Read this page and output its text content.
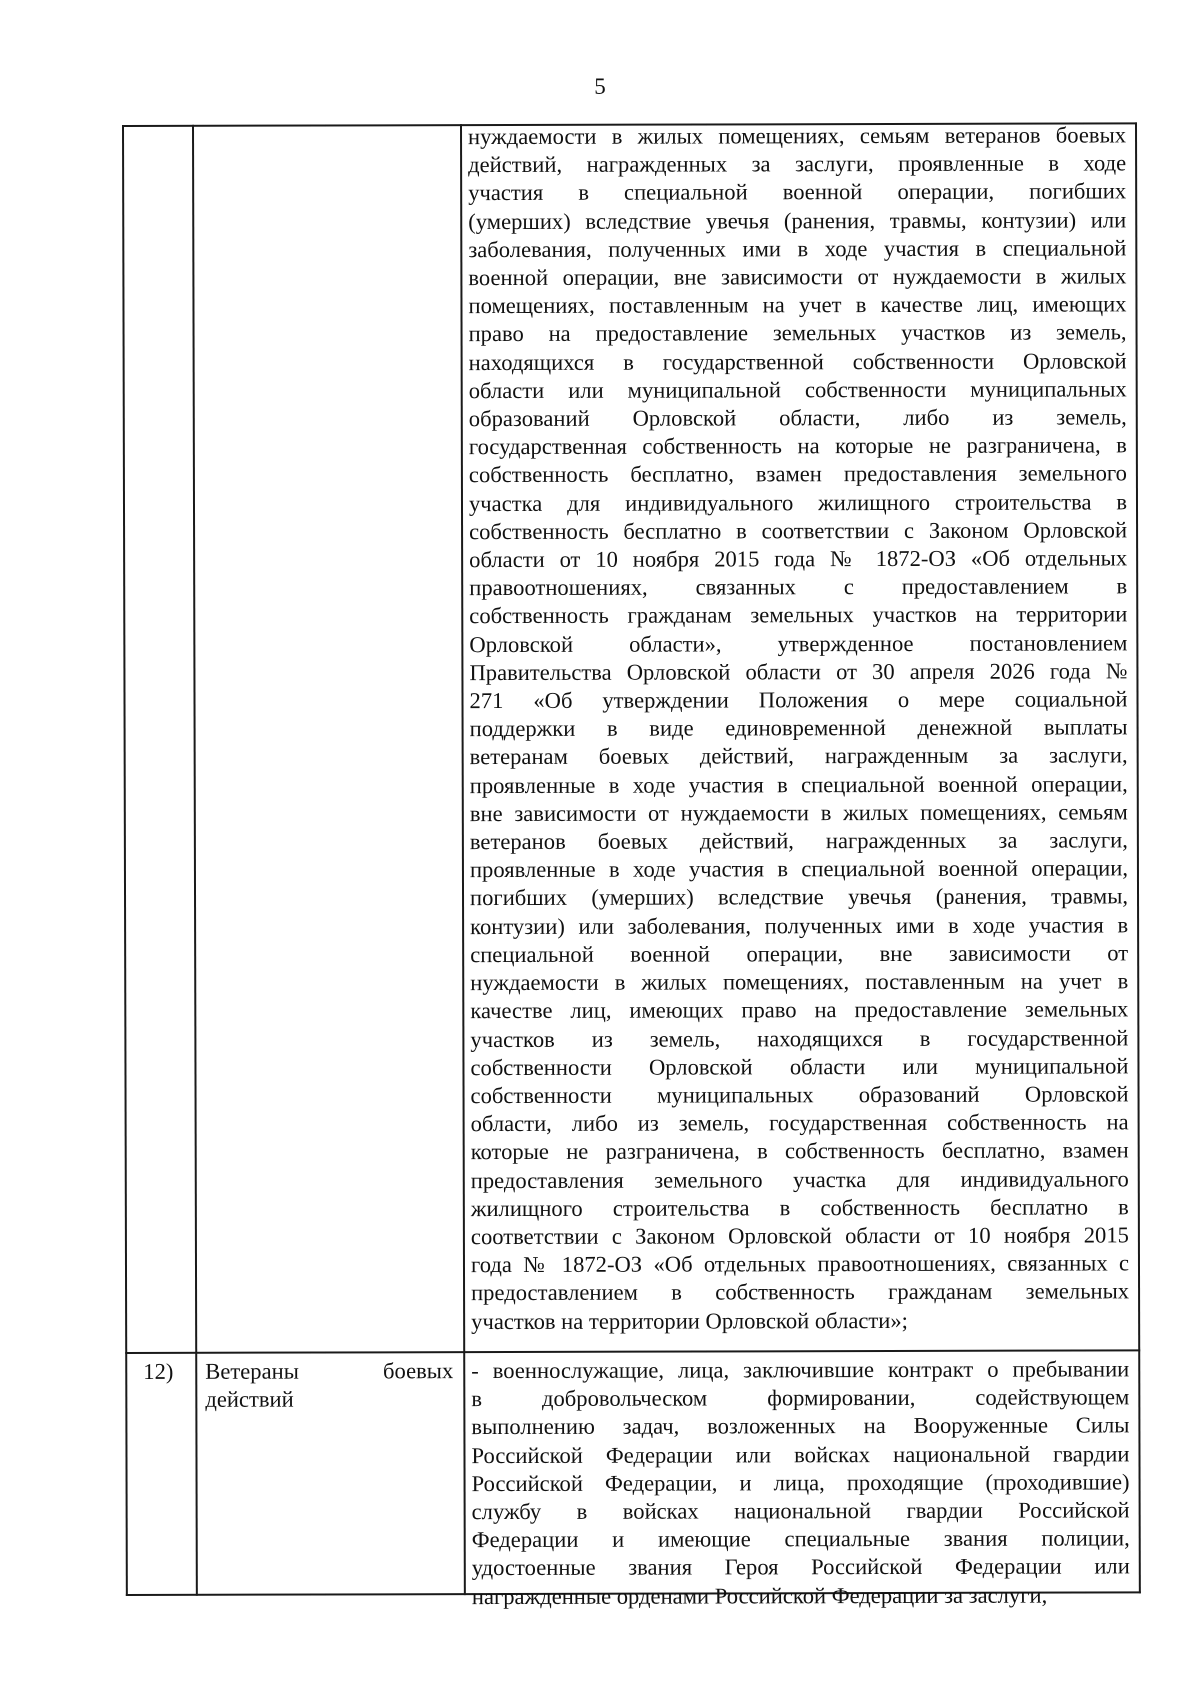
5
нуждаемости в жилых помещениях, семьям ветеранов боевых
действий, награжденных за заслуги, проявленные в ходе
участия в специальной военной операции, погибших
(умерших) вследствие увечья (ранения, травмы, контузии) или
заболевания, полученных ими в ходе участия в специальной
военной операции, вне зависимости от нуждаемости в жилых
помещениях, поставленным на учет в качестве лиц, имеющих
право на предоставление земельных участков из земель,
находящихся в государственной собственности Орловской
области или муниципальной собственности муниципальных
образований Орловской области, либо из земель,
государственная собственность на которые не разграничена, в
собственность бесплатно, взамен предоставления земельного
участка для индивидуального жилищного строительства в
собственность бесплатно в соответствии с Законом Орловской
области от 10 ноября 2015 года № 1872-ОЗ «Об отдельных
правоотношениях, связанных с предоставлением в
собственность гражданам земельных участков на территории
Орловской области», утвержденное постановлением
Правительства Орловской области от 30 апреля 2026 года №
271 «Об утверждении Положения о мере социальной
поддержки в виде единовременной денежной выплаты
ветеранам боевых действий, награжденным за заслуги,
проявленные в ходе участия в специальной военной операции,
вне зависимости от нуждаемости в жилых помещениях, семьям
ветеранов боевых действий, награжденных за заслуги,
проявленные в ходе участия в специальной военной операции,
погибших (умерших) вследствие увечья (ранения, травмы,
контузии) или заболевания, полученных ими в ходе участия в
специальной военной операции, вне зависимости от
нуждаемости в жилых помещениях, поставленным на учет в
качестве лиц, имеющих право на предоставление земельных
участков из земель, находящихся в государственной
собственности Орловской области или муниципальной
собственности муниципальных образований Орловской
области, либо из земель, государственная собственность на
которые не разграничена, в собственность бесплатно, взамен
предоставления земельного участка для индивидуального
жилищного строительства в собственность бесплатно в
соответствии с Законом Орловской области от 10 ноября 2015
года № 1872-ОЗ «Об отдельных правоотношениях, связанных с
предоставлением в собственность гражданам земельных
участков на территории Орловской области»;
12) Ветераны боевых
действий
- военнослужащие, лица, заключившие контракт о пребывании
в добровольческом формировании, содействующем
выполнению задач, возложенных на Вооруженные Силы
Российской Федерации или войсках национальной гвардии
Российской Федерации, и лица, проходящие (проходившие)
службу в войсках национальной гвардии Российской
Федерации и имеющие специальные звания полиции,
удостоенные звания Героя Российской Федерации или
награжденные орденами Российской Федерации за заслуги,
